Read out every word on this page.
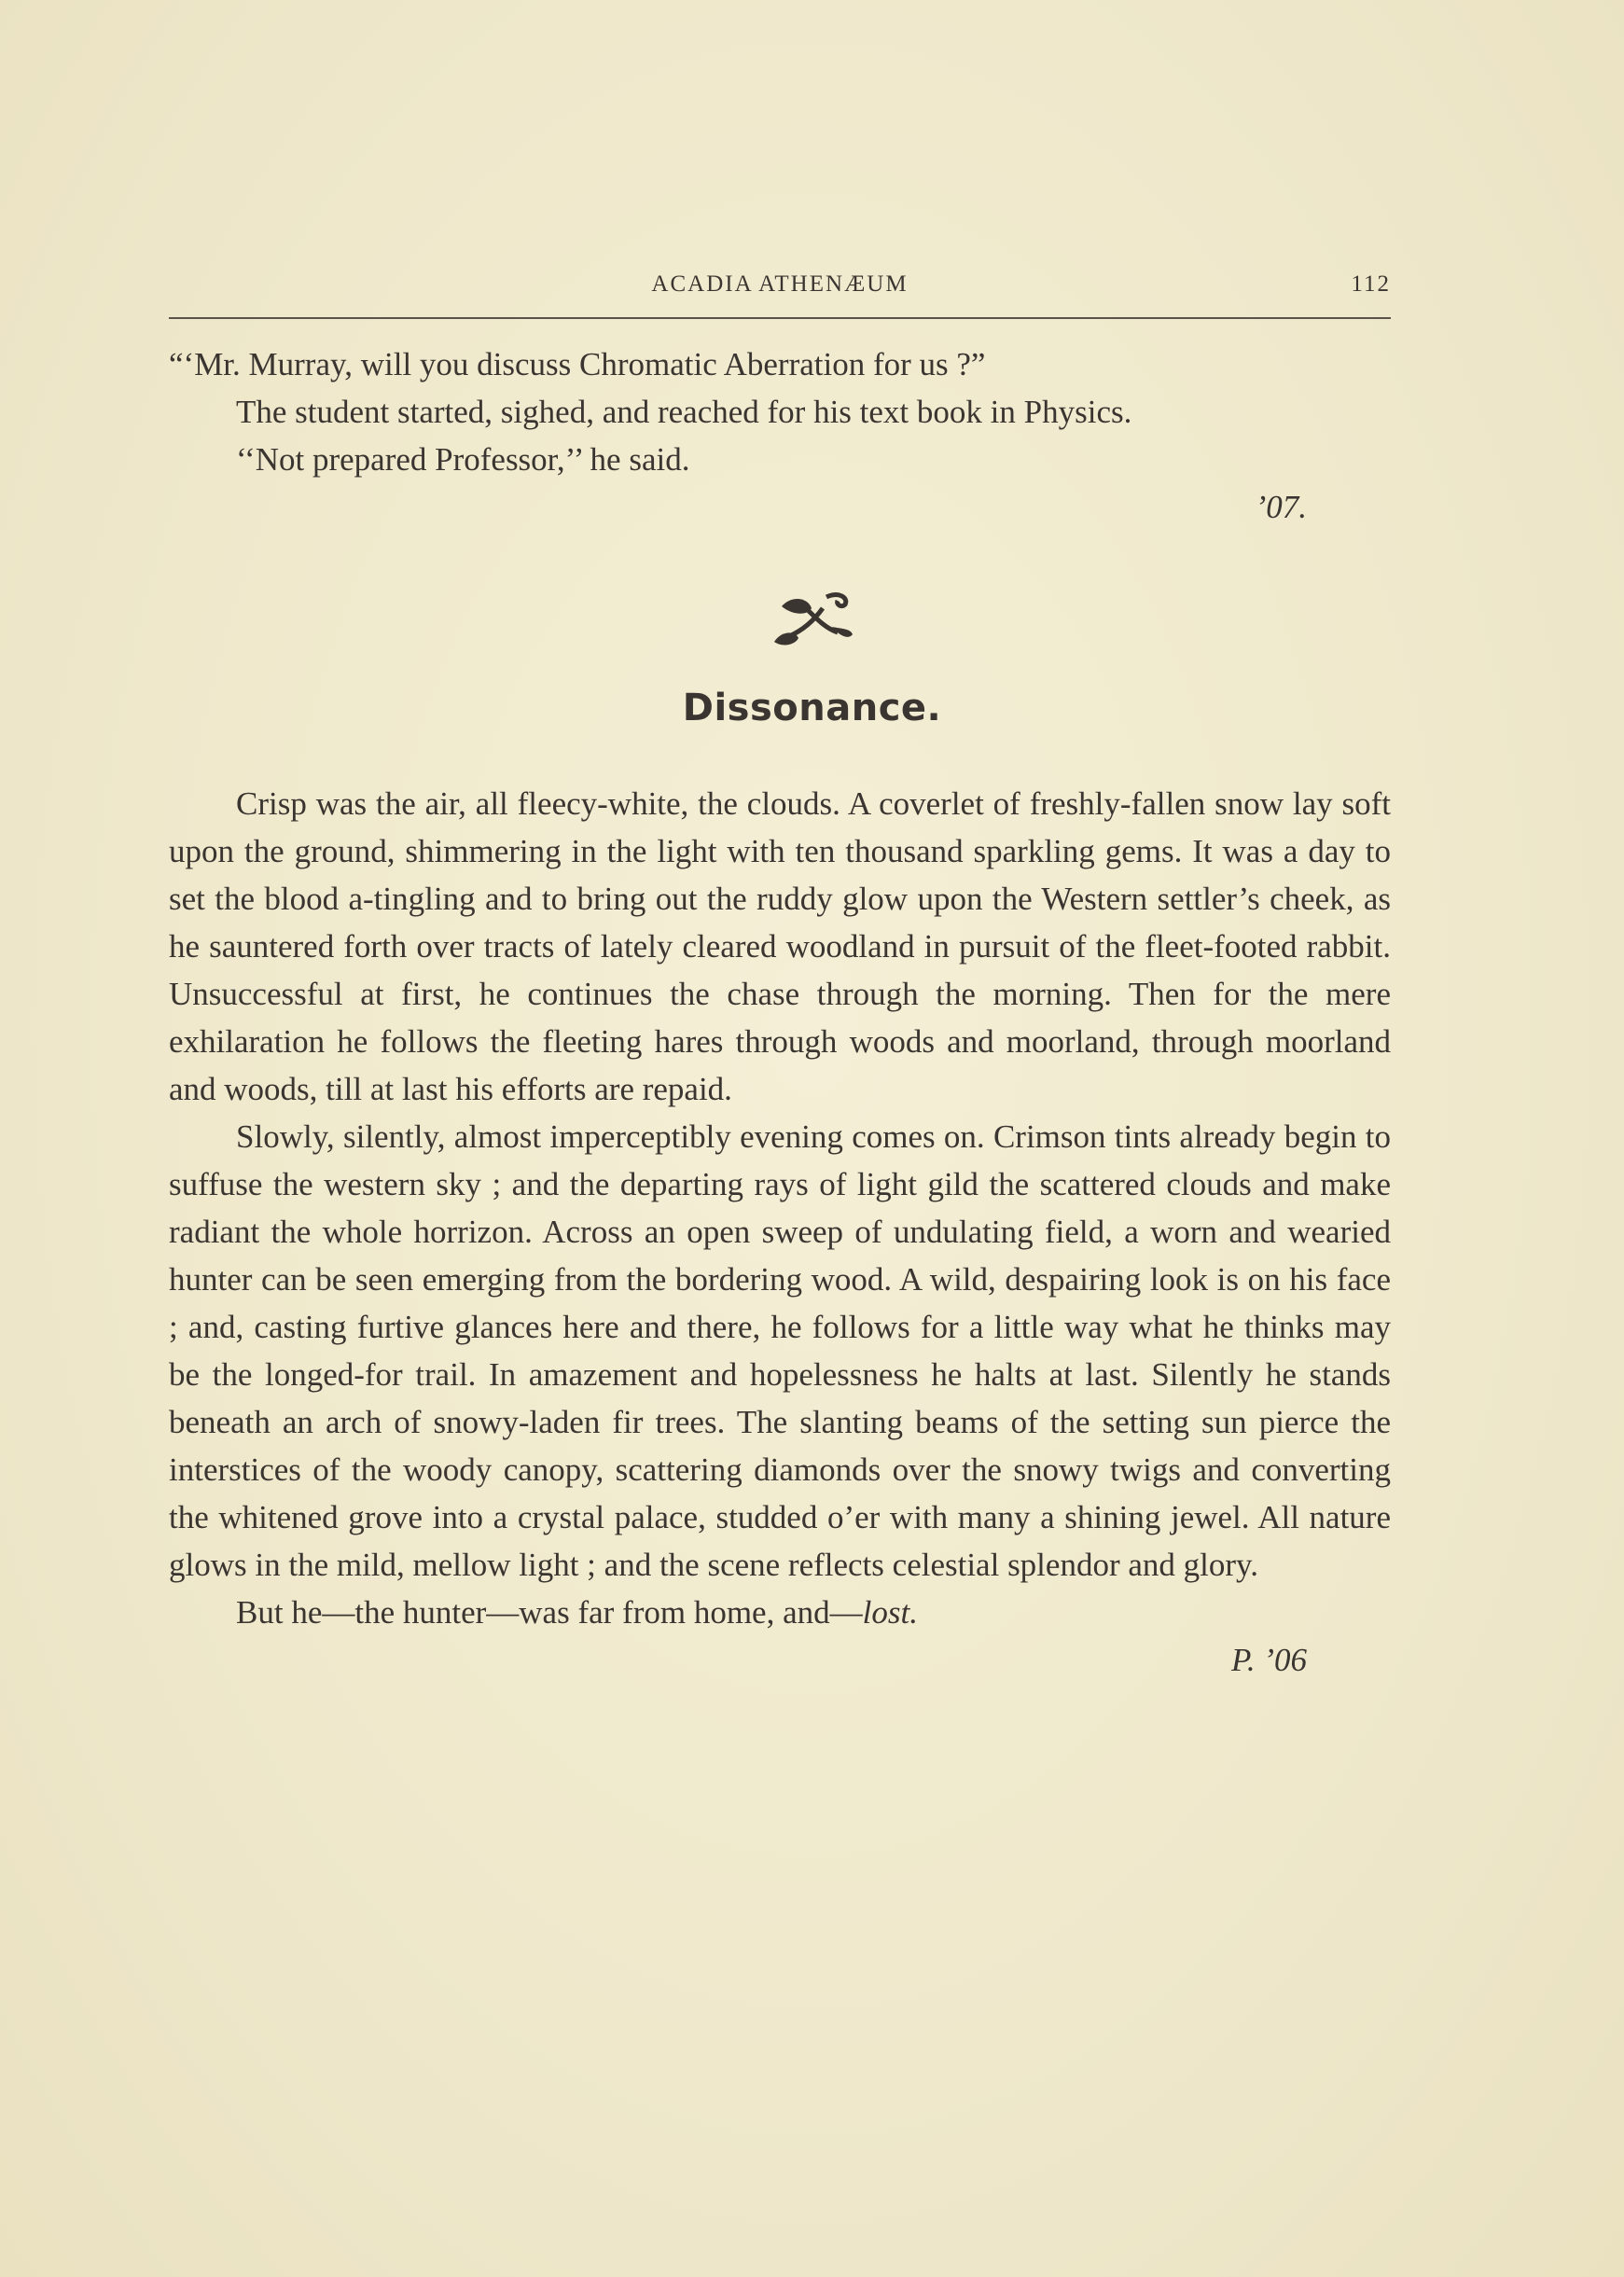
ACADIA ATHENÆUM	112

“‘Mr. Murray, will you discuss Chromatic Aberration for us ?”

The student started, sighed, and reached for his text book in Physics.

‘‘Not prepared Professor,’’ he said.

’07.

Dissonance.

Crisp was the air, all fleecy-white, the clouds. A coverlet of freshly-fallen snow lay soft upon the ground, shimmering in the light with ten thousand sparkling gems. It was a day to set the blood a-tingling and to bring out the ruddy glow upon the Western settler’s cheek, as he sauntered forth over tracts of lately cleared woodland in pursuit of the fleet-footed rabbit. Unsuccessful at first, he continues the chase through the morning. Then for the mere exhilaration he follows the fleeting hares through woods and moorland, through moorland and woods, till at last his efforts are repaid.

Slowly, silently, almost imperceptibly evening comes on. Crimson tints already begin to suffuse the western sky ; and the departing rays of light gild the scattered clouds and make radiant the whole horrizon. Across an open sweep of undulating field, a worn and wearied hunter can be seen emerging from the bordering wood. A wild, despairing look is on his face ; and, casting furtive glances here and there, he follows for a little way what he thinks may be the longed-for trail. In amazement and hopelessness he halts at last. Silently he stands beneath an arch of snowy-laden fir trees. The slanting beams of the setting sun pierce the interstices of the woody canopy, scattering diamonds over the snowy twigs and converting the whitened grove into a crystal palace, studded o’er with many a shining jewel. All nature glows in the mild, mellow light ; and the scene reflects celestial splendor and glory.

But he—the hunter—was far from home, and—lost.

P. ’06
